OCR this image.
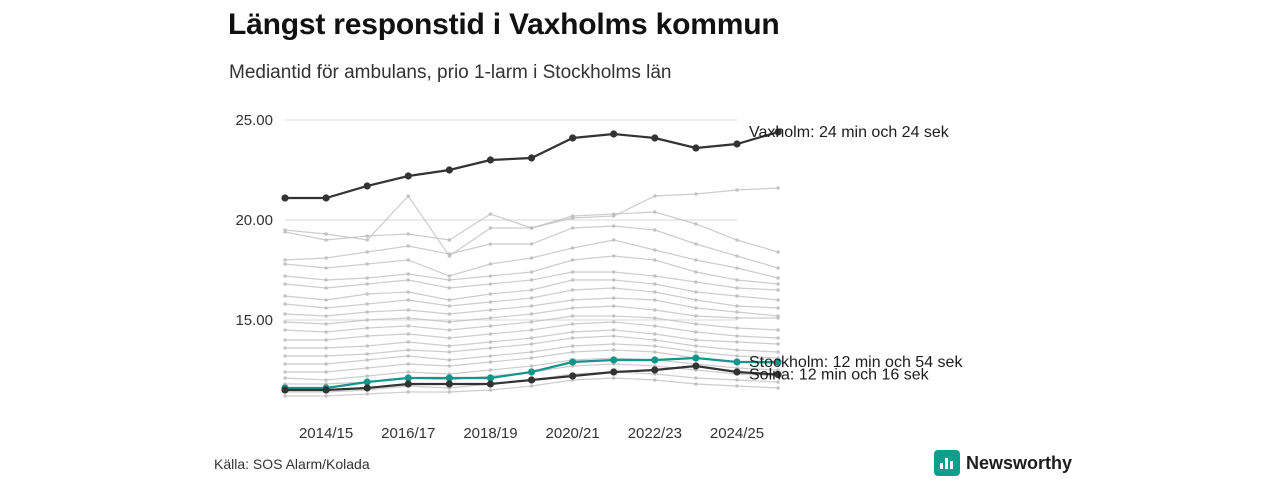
Längst responstid i Vaxholms kommun
Mediantid för ambulans, prio 1-larm i Stockholms län
15.00
20.00
25.00
2014/15 2016/17 2018/19 2020/21 2022/23 2024/25
Vaxholm: 24 min och 24 sek
Stockholm: 12 min och 54 sek
Solna: 12 min och 16 sek
Källa: SOS Alarm/Kolada	Newsworthy
